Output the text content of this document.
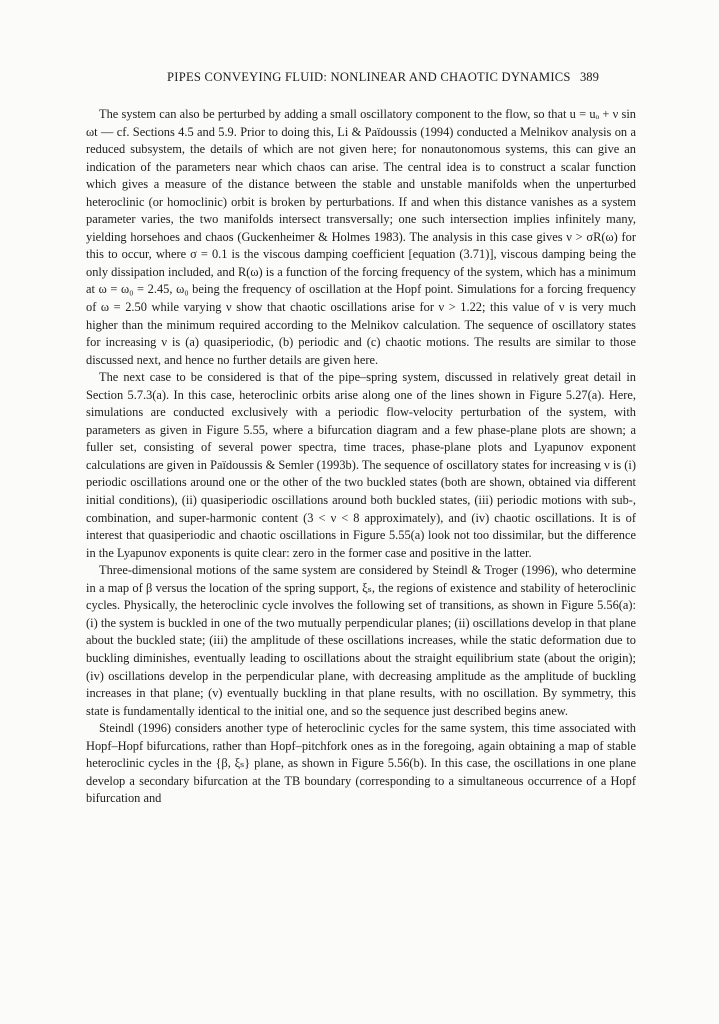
PIPES CONVEYING FLUID: NONLINEAR AND CHAOTIC DYNAMICS 389

The system can also be perturbed by adding a small oscillatory component to the flow, so that u = uₒ + ν sin ωt — cf. Sections 4.5 and 5.9. Prior to doing this, Li & Païdoussis (1994) conducted a Melnikov analysis on a reduced subsystem, the details of which are not given here; for nonautonomous systems, this can give an indication of the parameters near which chaos can arise. The central idea is to construct a scalar function which gives a measure of the distance between the stable and unstable manifolds when the unperturbed heteroclinic (or homoclinic) orbit is broken by perturbations. If and when this distance vanishes as a system parameter varies, the two manifolds intersect transversally; one such intersection implies infinitely many, yielding horsehoes and chaos (Guckenheimer & Holmes 1983). The analysis in this case gives ν > σR(ω) for this to occur, where σ = 0.1 is the viscous damping coefficient [equation (3.71)], viscous damping being the only dissipation included, and R(ω) is a function of the forcing frequency of the system, which has a minimum at ω = ω₀ = 2.45, ω₀ being the frequency of oscillation at the Hopf point. Simulations for a forcing frequency of ω = 2.50 while varying ν show that chaotic oscillations arise for ν > 1.22; this value of ν is very much higher than the minimum required according to the Melnikov calculation. The sequence of oscillatory states for increasing ν is (a) quasiperiodic, (b) periodic and (c) chaotic motions. The results are similar to those discussed next, and hence no further details are given here.

The next case to be considered is that of the pipe–spring system, discussed in relatively great detail in Section 5.7.3(a). In this case, heteroclinic orbits arise along one of the lines shown in Figure 5.27(a). Here, simulations are conducted exclusively with a periodic flow-velocity perturbation of the system, with parameters as given in Figure 5.55, where a bifurcation diagram and a few phase-plane plots are shown; a fuller set, consisting of several power spectra, time traces, phase-plane plots and Lyapunov exponent calculations are given in Païdoussis & Semler (1993b). The sequence of oscillatory states for increasing ν is (i) periodic oscillations around one or the other of the two buckled states (both are shown, obtained via different initial conditions), (ii) quasiperiodic oscillations around both buckled states, (iii) periodic motions with sub-, combination, and super-harmonic content (3 < ν < 8 approximately), and (iv) chaotic oscillations. It is of interest that quasiperiodic and chaotic oscillations in Figure 5.55(a) look not too dissimilar, but the difference in the Lyapunov exponents is quite clear: zero in the former case and positive in the latter.

Three-dimensional motions of the same system are considered by Steindl & Troger (1996), who determine in a map of β versus the location of the spring support, ξₛ, the regions of existence and stability of heteroclinic cycles. Physically, the heteroclinic cycle involves the following set of transitions, as shown in Figure 5.56(a): (i) the system is buckled in one of the two mutually perpendicular planes; (ii) oscillations develop in that plane about the buckled state; (iii) the amplitude of these oscillations increases, while the static deformation due to buckling diminishes, eventually leading to oscillations about the straight equilibrium state (about the origin); (iv) oscillations develop in the perpendicular plane, with decreasing amplitude as the amplitude of buckling increases in that plane; (v) eventually buckling in that plane results, with no oscillation. By symmetry, this state is fundamentally identical to the initial one, and so the sequence just described begins anew.

Steindl (1996) considers another type of heteroclinic cycles for the same system, this time associated with Hopf–Hopf bifurcations, rather than Hopf–pitchfork ones as in the foregoing, again obtaining a map of stable heteroclinic cycles in the {β, ξₛ} plane, as shown in Figure 5.56(b). In this case, the oscillations in one plane develop a secondary bifurcation at the TB boundary (corresponding to a simultaneous occurrence of a Hopf bifurcation and
